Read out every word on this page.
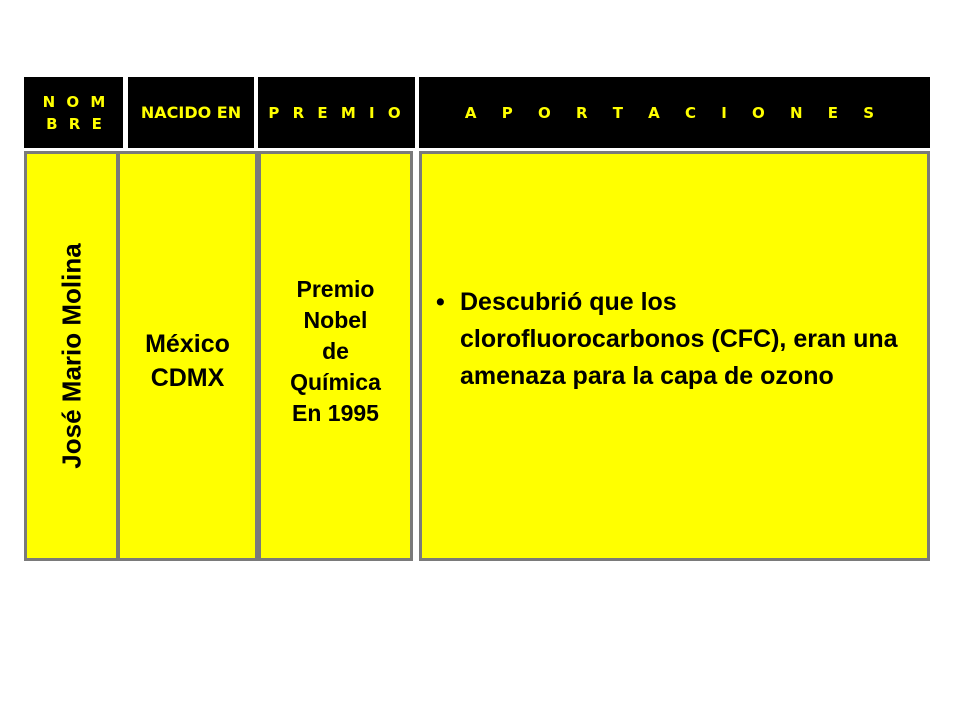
N O M B R E
NACIDO EN	P R E M I O	A P O R T A C I O N E S
José Mario Molina México
CDMX
Premio
Nobel
de
Química
En 1995
• Descubrió que los clorofluorocarbonos (CFC), eran una amenaza para la capa de ozono
